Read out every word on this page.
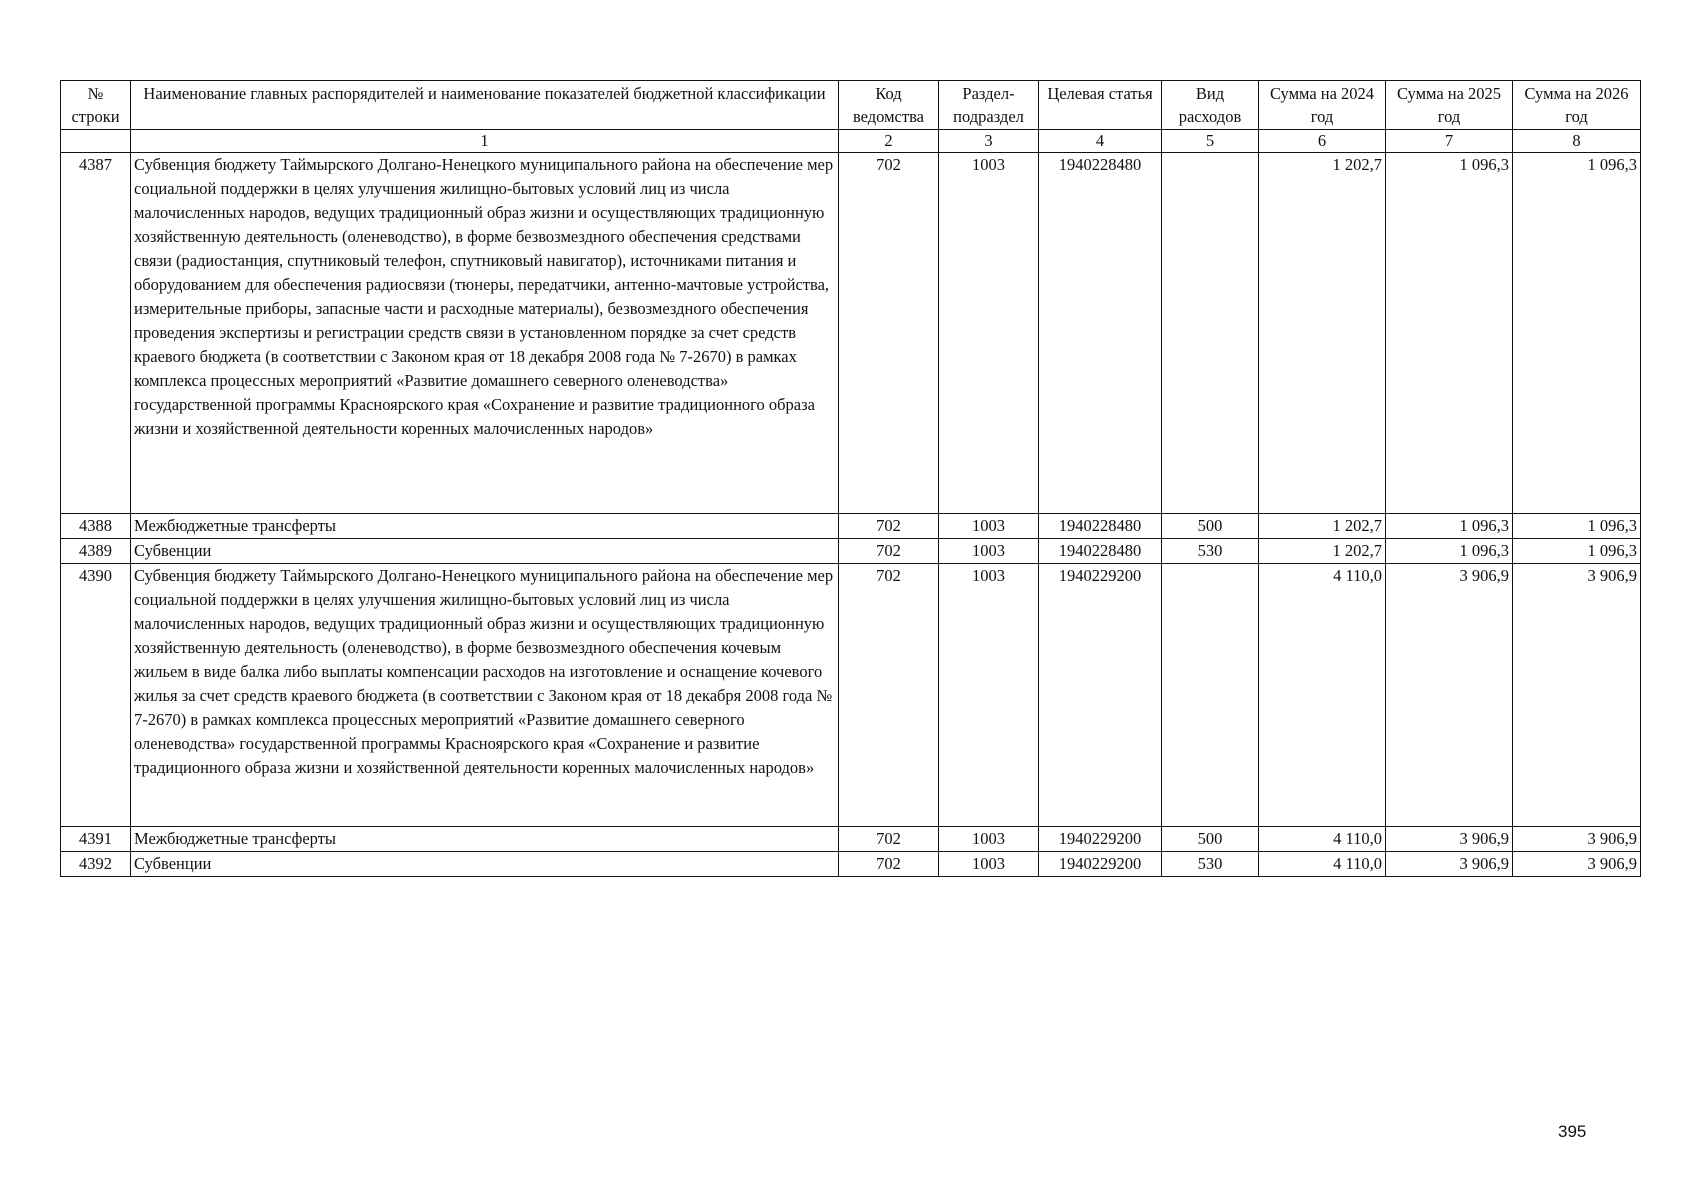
№ строки	Наименование главных распорядителей и наименование показателей бюджетной классификации	Код ведомства	Раздел-подраздел	Целевая статья	Вид расходов	Сумма на 2024 год	Сумма на 2025 год	Сумма на 2026 год
	1	2	3	4	5	6	7	8
4387	Субвенция бюджету Таймырского Долгано-Ненецкого муниципального района на обеспечение мер социальной поддержки в целях улучшения жилищно-бытовых условий лиц из числа малочисленных народов, ведущих традиционный образ жизни и осуществляющих традиционную хозяйственную деятельность (оленеводство), в форме безвозмездного обеспечения средствами связи (радиостанция, спутниковый телефон, спутниковый навигатор), источниками питания и оборудованием для обеспечения радиосвязи (тюнеры, передатчики, антенно-мачтовые устройства, измерительные приборы, запасные части и расходные материалы), безвозмездного обеспечения проведения экспертизы и регистрации средств связи в установленном порядке за счет средств краевого бюджета (в соответствии с Законом края от 18 декабря 2008 года № 7-2670) в рамках комплекса процессных мероприятий «Развитие домашнего северного оленеводства» государственной программы Красноярского края «Сохранение и развитие традиционного образа жизни и хозяйственной деятельности коренных малочисленных народов»	702	1003	1940228480		1 202,7	1 096,3	1 096,3
4388	Межбюджетные трансферты	702	1003	1940228480	500	1 202,7	1 096,3	1 096,3
4389	Субвенции	702	1003	1940228480	530	1 202,7	1 096,3	1 096,3
4390	Субвенция бюджету Таймырского Долгано-Ненецкого муниципального района на обеспечение мер социальной поддержки в целях улучшения жилищно-бытовых условий лиц из числа малочисленных народов, ведущих традиционный образ жизни и осуществляющих традиционную хозяйственную деятельность (оленеводство), в форме безвозмездного обеспечения кочевым жильем в виде балка либо выплаты компенсации расходов на изготовление и оснащение кочевого жилья за счет средств краевого бюджета (в соответствии с Законом края от 18 декабря 2008 года № 7-2670) в рамках комплекса процессных мероприятий «Развитие домашнего северного оленеводства» государственной программы Красноярского края «Сохранение и развитие традиционного образа жизни и хозяйственной деятельности коренных малочисленных народов»	702	1003	1940229200		4 110,0	3 906,9	3 906,9
4391	Межбюджетные трансферты	702	1003	1940229200	500	4 110,0	3 906,9	3 906,9
4392	Субвенции	702	1003	1940229200	530	4 110,0	3 906,9	3 906,9
395
